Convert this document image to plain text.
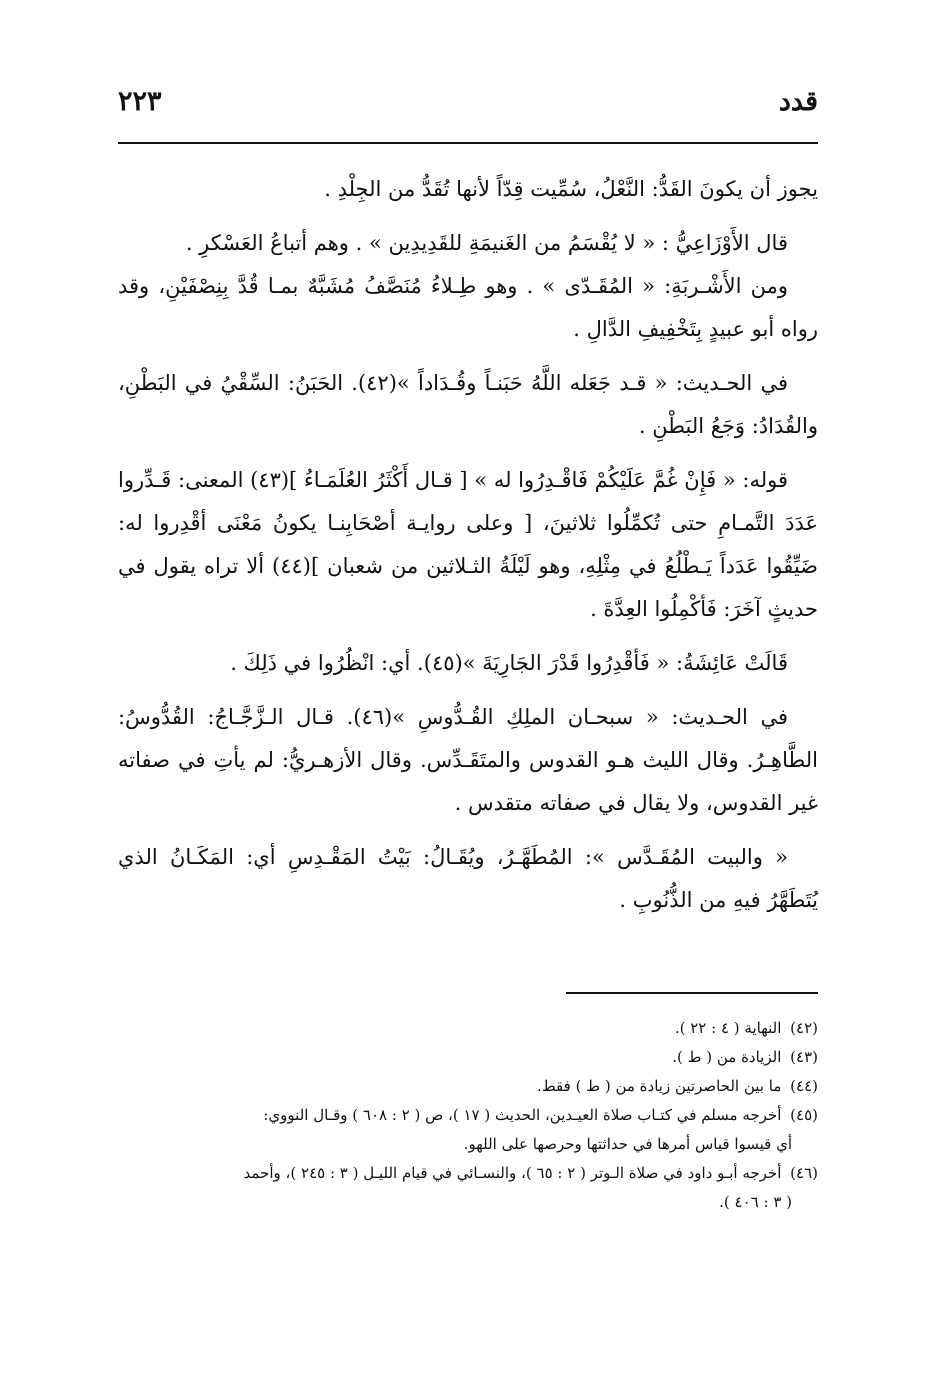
قدد
٢٢٣

يجوز أن يكونَ القَدُّ: النَّعْلُ، سُمِّيت قِدّاً لأنها تُقَدُّ من الجِلْدِ .

قال الأَوْزَاعِيُّ : « لا يُقْسَمُ من الغَنيمَةِ للقَدِيدِين » . وهم أتباعُ العَسْكرِ .

ومن الأَشْـربَةِ: « المُقَـدّى » . وهو طِـلاءُ مُنَصَّفُ مُشَبَّهٌ بمـا قُدَّ بِنِصْفَيْنِ، وقد رواه أبو عبيدٍ بِتَخْفِيفِ الدَّالِ .

في الحـديث: « قـد جَعَله اللَّهُ حَبَنـاً وقُـدَاداً »(٤٢). الحَبَنُ: السِّقْيُ في البَطْنِ، والقُدَادُ: وَجَعُ البَطْنِ .

قوله: « فَإِنْ غُمَّ عَلَيْكُمْ فَاقْـدِرُوا له » [ قـال أَكْثَرُ العُلَمَـاءُ ](٤٣) المعنى: قَـدِّروا عَدَدَ التَّمـامِ حتى تُكمِّلُوا ثلاثينَ، [ وعلى روايـة أصْحَابِنـا يكونُ مَعْنَى أقْدِروا له: ضَيِّقُوا عَدَداً يَـطْلُعُ في مِثْلِهِ، وهو لَيْلَةُ الثـلاثين من شعبان ](٤٤) ألا تراه يقول في حديثٍ آخَرَ: فَأكْمِلُوا العِدَّةَ .

قَالَتْ عَائِشَةُ: « فَأقْدِرُوا قَدْرَ الجَارِيَةَ »(٤٥). أي: انْظُرُوا في ذَلِكَ .

في الحـديث: « سبحـان الملِكِ القُـدُّوسِ »(٤٦). قـال الـزَّجَّـاجُ: القُدُّوسُ: الطَّاهِـرُ. وقال الليث هـو القدوس والمتَقَـدِّس. وقال الأزهـريُّ: لم يأتِ في صفاته غير القدوس، ولا يقال في صفاته متقدس .

« والبيت المُقَـدَّس »: المُطَهَّـرُ، ويُقَـالُ: بَيْتُ المَقْـدِسِ أي: المَكَـانُ الذي يُتَطَهَّرُ فيهِ من الذُّنُوبِ .

(٤٢) النهاية ( ٤ : ٢٢ ).

(٤٣) الزيادة من ( ط ).

(٤٤) ما بين الحاصرتين زيادة من ( ط ) فقط.

(٤٥) أخرجه مسلم في كتـاب صلاة العيـدين، الحديث ( ١٧ )، ص ( ٢ : ٦٠٨ ) وقـال النووي:

أي قيسوا قياس أمرها في حداثتها وحرصها على اللهو.

(٤٦) أخرجه أبـو داود في صلاة الـوتر ( ٢ : ٦٥ )، والنسـائي في قيام الليـل ( ٣ : ٢٤٥ )، وأحمد

( ٣ : ٤٠٦ ).
